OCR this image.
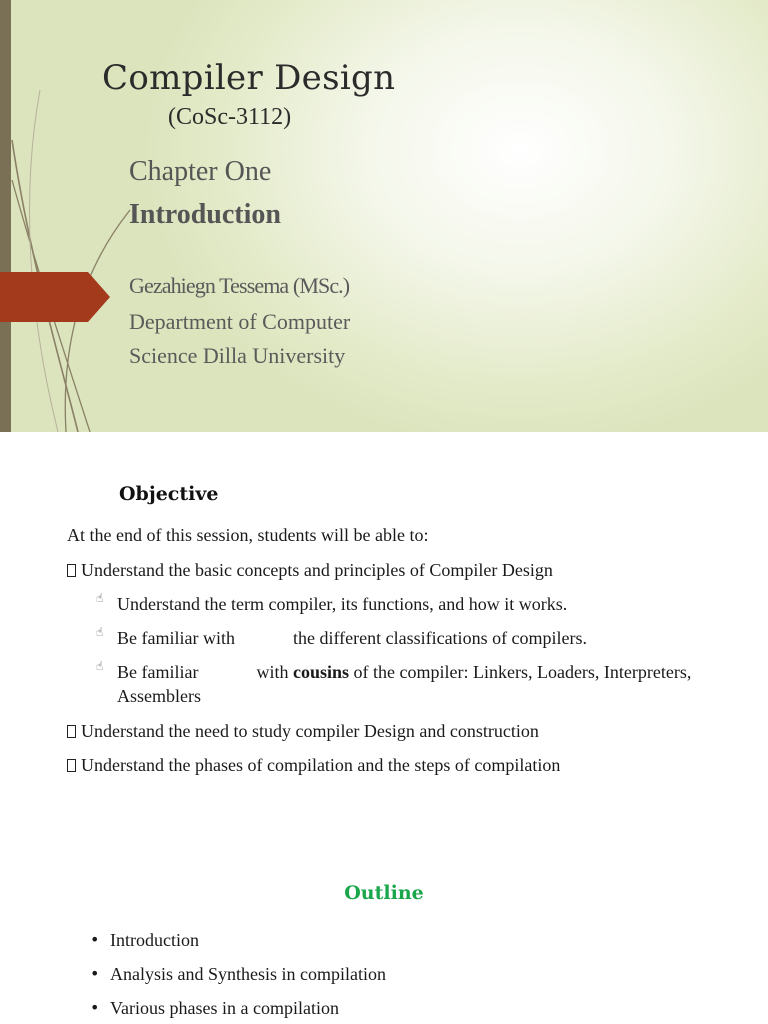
Compiler Design
(CoSc-3112)
Chapter One
Introduction
Gezahiegn Tessema (MSc.)
Department of Computer
Science Dilla University
Objective
At the end of this session, students will be able to:
Understand the basic concepts and principles of Compiler Design
☝ Understand the term compiler, its functions, and how it works.
☝ Be familiar with	the different classifications of compilers.
☝ Be familiar	with cousins of the compiler: Linkers, Loaders, Interpreters,
Assemblers
Understand the need to study compiler Design and construction
Understand the phases of compilation and the steps of compilation
Outline
• Introduction
• Analysis and Synthesis in compilation
• Various phases in a compilation
